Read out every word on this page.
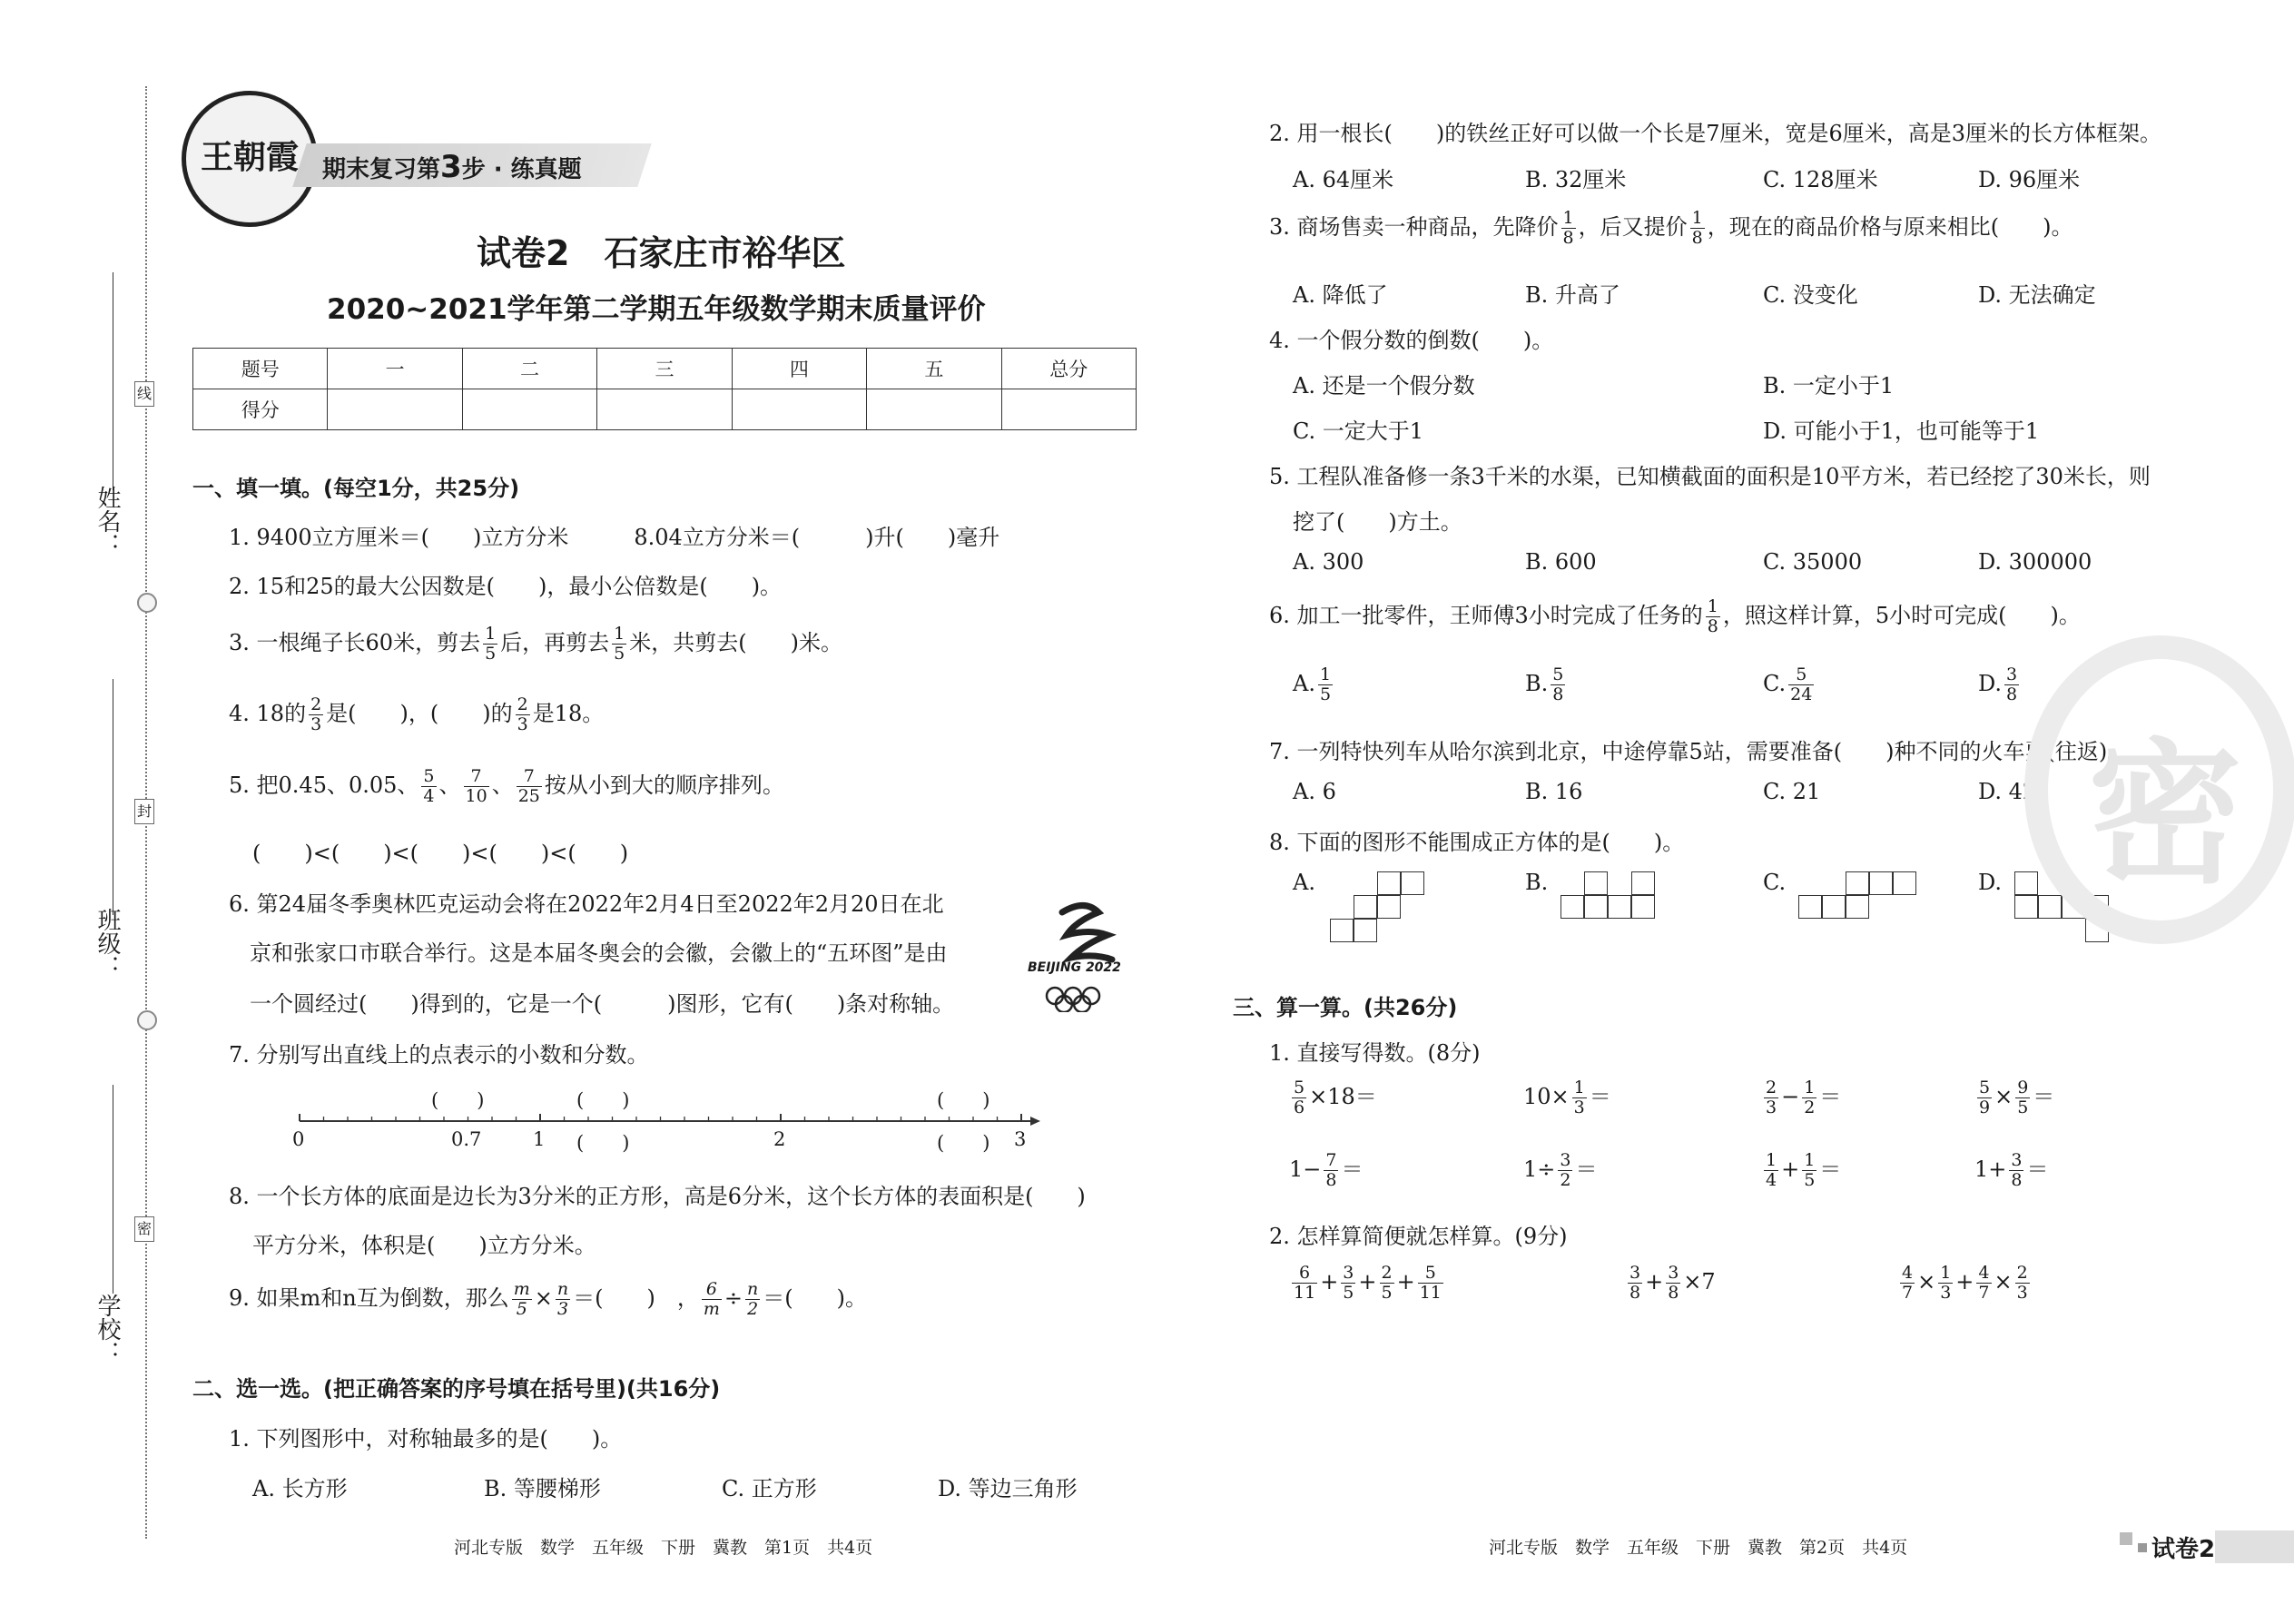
线
封
密
姓名：
班级：
学校：
王朝霞	期末复习第3步 · 练真题
试卷2　石家庄市裕华区
2020~2021学年第二学期五年级数学期末质量评价
题号	一	二	三	四	五	总分
得分						
一、填一填。(每空1分，共25分)
1. 9400立方厘米＝(　　)立方分米　　　8.04立方分米＝(　　　)升(　　)毫升
2. 15和25的最大公因数是(　　)，最小公倍数是(　　)。
3. 一根绳子长60米，剪去 $\frac{1}{5}$ 后，再剪去 $\frac{1}{5}$ 米，共剪去(　　)米。
4. 18的 $\frac{2}{3}$ 是(　　)，(　　)的 $\frac{2}{3}$ 是18。
5. 把0.45、0.05、 $\frac{5}{4}$ 、 $\frac{7}{10}$ 、 $\frac{7}{25}$ 按从小到大的顺序排列。
(　　)<(　　)<(　　)<(　　)<(　　)
6. 第24届冬季奥林匹克运动会将在2022年2月4日至2022年2月20日在北
京和张家口市联合举行。这是本届冬奥会的会徽，会徽上的“五环图”是由
一个圆经过(　　)得到的，它是一个(　　　)图形，它有(　　)条对称轴。
BEIJING 2022
7. 分别写出直线上的点表示的小数和分数。
0	0.7	1	2	3
(　　)	(　　)
(　　)
(　　)
(　　)
8. 一个长方体的底面是边长为3分米的正方形，高是6分米，这个长方体的表面积是(　　)
平方分米，体积是(　　)立方分米。
9. 如果m和n互为倒数，那么 $\frac{m}{5} \times \frac{n}{3}$ ＝(　　)　， $\frac{6}{m} \div \frac{n}{2}$ ＝(　　)。
二、选一选。(把正确答案的序号填在括号里)(共16分)
1. 下列图形中，对称轴最多的是(　　)。
A. 长方形	B. 等腰梯形	C. 正方形	D. 等边三角形
河北专版　数学　五年级　下册　冀教　第1页　共4页
2. 用一根长(　　)的铁丝正好可以做一个长是7厘米，宽是6厘米，高是3厘米的长方体框架。
A. 64厘米	B. 32厘米	C. 128厘米	D. 96厘米
3. 商场售卖一种商品，先降价 $\frac{1}{8}$ ，后又提价 $\frac{1}{8}$ ，现在的商品价格与原来相比(　　)。
A. 降低了	B. 升高了	C. 没变化	D. 无法确定
4. 一个假分数的倒数(　　)。
A. 还是一个假分数	B. 一定小于1
C. 一定大于1	D. 可能小于1，也可能等于1
5. 工程队准备修一条3千米的水渠，已知横截面的面积是10平方米，若已经挖了30米长，则
挖了(　　)方土。
A. 300	B. 600	C. 35000	D. 300000
6. 加工一批零件，王师傅3小时完成了任务的 $\frac{1}{8}$ ，照这样计算，5小时可完成(　　)。
A. $\frac{1}{5}$	B. $\frac{5}{8}$	C. $\frac{5}{24}$	D. $\frac{3}{8}$
7. 一列特快列车从哈尔滨到北京，中途停靠5站，需要准备(　　)种不同的火车票(往返)。
A. 6	B. 16	C. 21	D. 42
8. 下面的图形不能围成正方体的是(　　)。
A.	B.	C.	D.
三、算一算。(共26分)
1. 直接写得数。(8分)
$\frac{5}{6} \times 18=$	$10\times \frac{1}{3}$ ＝	$\frac{2}{3} - \frac{1}{2}$ ＝	$\frac{5}{9} \times \frac{9}{5}$ ＝
$1- \frac{7}{8}$ ＝	$1\div \frac{3}{2}$ ＝	$\frac{1}{4} + \frac{1}{5}$ ＝	$1+ \frac{3}{8}$ ＝
2. 怎样算简便就怎样算。(9分)
$\frac{6}{11} + \frac{3}{5} + \frac{2}{5} + \frac{5}{11}$	$\frac{3}{8} + \frac{3}{8} \times 7$	$\frac{4}{7} \times \frac{1}{3} + \frac{4}{7} \times \frac{2}{3}$
密
河北专版　数学　五年级　下册　冀教　第2页　共4页	试卷2
